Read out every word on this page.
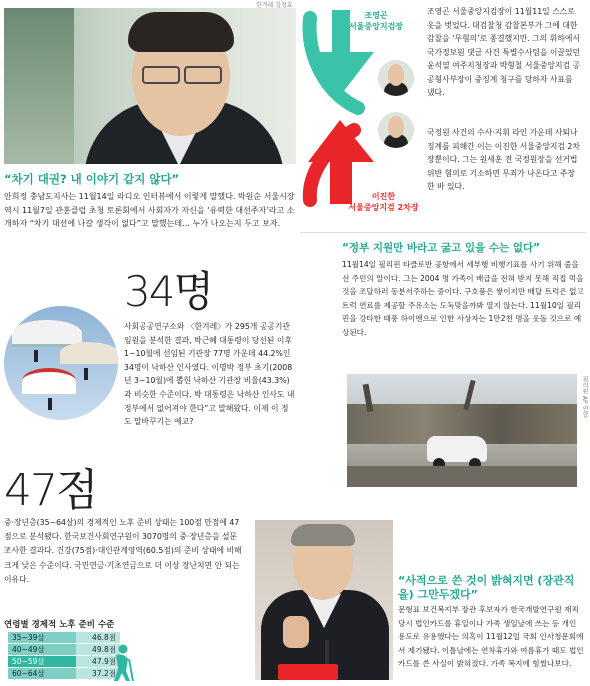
한겨레 김정효
“차기 대권? 내 이야기 같지 않다”
안희정 충남도지사는 11월14일 라디오 인터뷰에서 이렇게 말했다. 박원순 서울시장 역시 11월7일 관훈클럽 초청 토론회에서 사회자가 자신을 ‘유력한 대선주자’라고 소개하자 “차기 대선에 나갈 생각이 없다”고 말했는데… 누가 나오는지 두고 보자.
조영곤
서울중앙지검장
이진한
서울중앙지검 2차장
조영곤 서울중앙지검장이 11월11일 스스로 옷을 벗었다. 대검찰청 감찰본부가 그에 대한 감찰을 ‘무혐의’로 종결했지만. 그의 휘하에서 국가정보원 댓글 사건 특별수사팀을 이끌었던 윤석열 여주지청장과 박형철 서울중앙지검 공공형사부장이 중징계 청구를 당하자 사표를 냈다.
국정원 사건의 수사·지휘 라인 가운데 사퇴나 징계를 피해간 이는 이진한 서울중앙지검 2차장뿐이다. 그는 원세훈 전 국정원장을 선거법 위반 혐의로 기소하면 무죄가 나온다고 주장한 바 있다.
34명
사회공공연구소와 〈한겨레〉가 295개 공공기관 임원을 분석한 결과, 박근혜 대통령이 당선된 이후 1~10월에 선임된 기관장 77명 가운데 44.2%인 34명이 낙하산 인사였다. 이명박 정부 초기(2008년 3~10월)에 뽑힌 낙하산 기관장 비율(43.3%)과 비슷한 수준이다. 박 대통령은 낙하산 인사도 내 정부에서 없어져야 한다”고 말해왔다. 이제 이 정도 말바꾸기는 예교?
“정부 지원만 바라고 굶고 있을 수는 없다”
11월14일 필리핀 타클로반 공항에서 세부행 비행기표를 사기 위해 줄을 선 주민의 말이다. 그는 2004 명 가족이 배급을 전혀 받지 못해 직접 먹을 것을 조달하러 동분서주하는 중이다. 구호품은 쌓이지만 배달 트럭은 없고 트럭 연료를 제공할 주유소는 도둑맞을까봐 열지 않는다. 11월10일 필리핀을 강타한 태풍 하이엔으로 인한 사상자는 1만2천 명을 웃돌 것으로 예상된다.
필리핀 AP 연합
47점
중·장년층(35~64살)의 경제적인 노후 준비 상태는 100점 만점에 47점으로 분석됐다. 한국보건사회연구원이 3070명의 중·장년층을 설문조사한 결과다. 건강(75점)·대인관계영역(60.5점)의 준비 상태에 비해 크게 낮은 수준이다. 국민연금·기초연금으로 더 이상 장난치면 안 되는 이유다.
연령별 경제적 노후 준비 수준
35~39살	46.8점
40~49살	49.8점
50~59살	47.9점
60~64살	37.2점
“사적으로 쓴 것이 밝혀지면 (장관직을) 그만두겠다”
문형표 보건복지부 장관 후보자가 한국개발연구원 재직 당시 법인카드를 휴일이나 가족 생일날에 쓰는 등 개인 용도로 유용했다는 의혹이 11월12일 국회 인사청문회에서 제기됐다. 이틀날에는 연차휴가와 여름휴가 때도 법인카드를 쓴 사실이 밝혀졌다. 가족 복지에 힘썼나보다.
